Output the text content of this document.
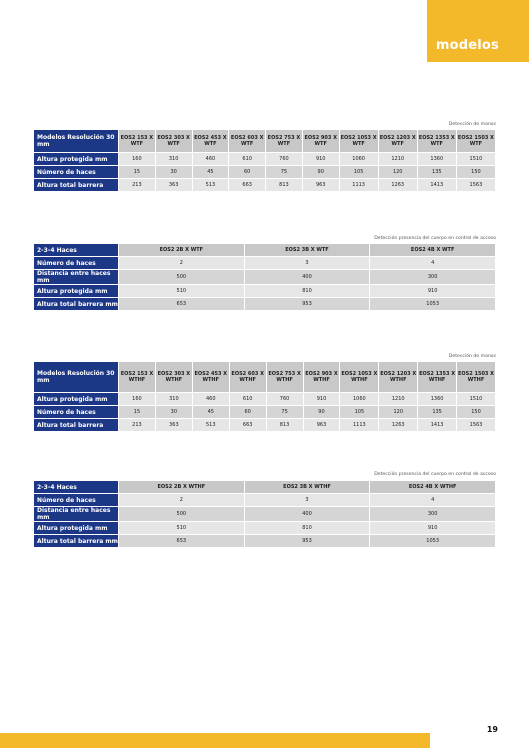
modelos
Detección de manos
Modelos Resolución 30 mm	EOS2 153 X WTF	EOS2 303 X WTF	EOS2 453 X WTF	EOS2 603 X WTF	EOS2 753 X WTF	EOS2 903 X WTF	EOS2 1053 X WTF	EOS2 1203 X WTF	EOS2 1353 X WTF	EOS2 1503 X WTF
Altura protegida mm	160	310	460	610	760	910	1060	1210	1360	1510
Número de haces	15	30	45	60	75	90	105	120	135	150
Altura total barrera	213	363	513	663	813	963	1113	1263	1413	1563
Detección presencia del cuerpo en control de acceso
2-3-4 Haces	EOS2 2B X WTF	EOS2 3B X WTF	EOS2 4B X WTF
Número de haces	2	3	4
Distancia entre haces mm	500	400	300
Altura protegida mm	510	810	910
Altura total barrera mm	653	953	1053
Detección de manos
Modelos Resolución 30 mm	EOS2 153 X WTHF	EOS2 303 X WTHF	EOS2 453 X WTHF	EOS2 603 X WTHF	EOS2 753 X WTHF	EOS2 903 X WTHF	EOS2 1053 X WTHF	EOS2 1203 X WTHF	EOS2 1353 X WTHF	EOS2 1503 X WTHF
Altura protegida mm	160	310	460	610	760	910	1060	1210	1360	1510
Número de haces	15	30	45	60	75	90	105	120	135	150
Altura total barrera	213	363	513	663	813	963	1113	1263	1413	1563
Detección presencia del cuerpo en control de acceso
2-3-4 Haces	EOS2 2B X WTHF	EOS2 3B X WTHF	EOS2 4B X WTHF
Número de haces	2	3	4
Distancia entre haces mm	500	400	300
Altura protegida mm	510	810	910
Altura total barrera mm	653	953	1053
19
